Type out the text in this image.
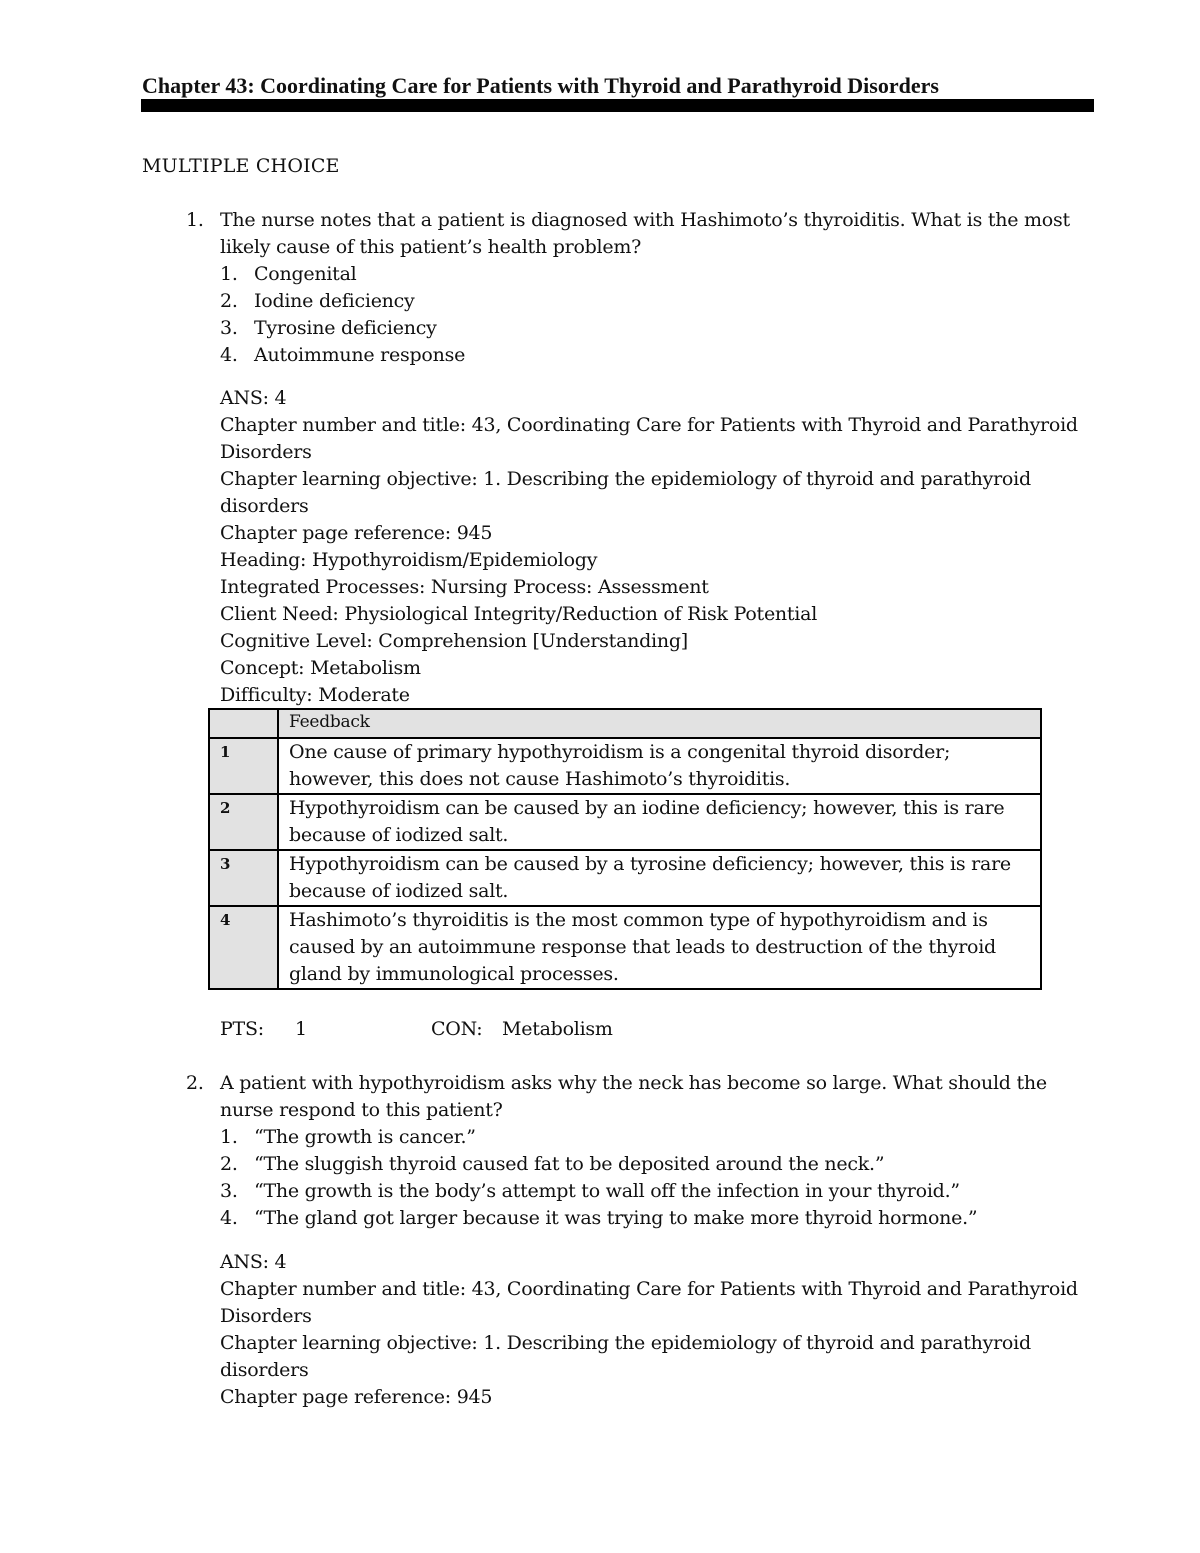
Chapter 43: Coordinating Care for Patients with Thyroid and Parathyroid Disorders
MULTIPLE CHOICE
1. The nurse notes that a patient is diagnosed with Hashimoto’s thyroiditis. What is the most likely cause of this patient’s health problem?
1. Congenital
2. Iodine deficiency
3. Tyrosine deficiency
4. Autoimmune response
ANS: 4
Chapter number and title: 43, Coordinating Care for Patients with Thyroid and Parathyroid Disorders
Chapter learning objective: 1. Describing the epidemiology of thyroid and parathyroid disorders
Chapter page reference: 945
Heading: Hypothyroidism/Epidemiology
Integrated Processes: Nursing Process: Assessment
Client Need: Physiological Integrity/Reduction of Risk Potential
Cognitive Level: Comprehension [Understanding]
Concept: Metabolism
Difficulty: Moderate
	Feedback
1	One cause of primary hypothyroidism is a congenital thyroid disorder; however, this does not cause Hashimoto’s thyroiditis.
2	Hypothyroidism can be caused by an iodine deficiency; however, this is rare because of iodized salt.
3	Hypothyroidism can be caused by a tyrosine deficiency; however, this is rare because of iodized salt.
4	Hashimoto’s thyroiditis is the most common type of hypothyroidism and is caused by an autoimmune response that leads to destruction of the thyroid gland by immunological processes.
PTS: 1	CON: Metabolism
2. A patient with hypothyroidism asks why the neck has become so large. What should the nurse respond to this patient?
1. “The growth is cancer.”
2. “The sluggish thyroid caused fat to be deposited around the neck.”
3. “The growth is the body’s attempt to wall off the infection in your thyroid.”
4. “The gland got larger because it was trying to make more thyroid hormone.”
ANS: 4
Chapter number and title: 43, Coordinating Care for Patients with Thyroid and Parathyroid Disorders
Chapter learning objective: 1. Describing the epidemiology of thyroid and parathyroid disorders
Chapter page reference: 945
